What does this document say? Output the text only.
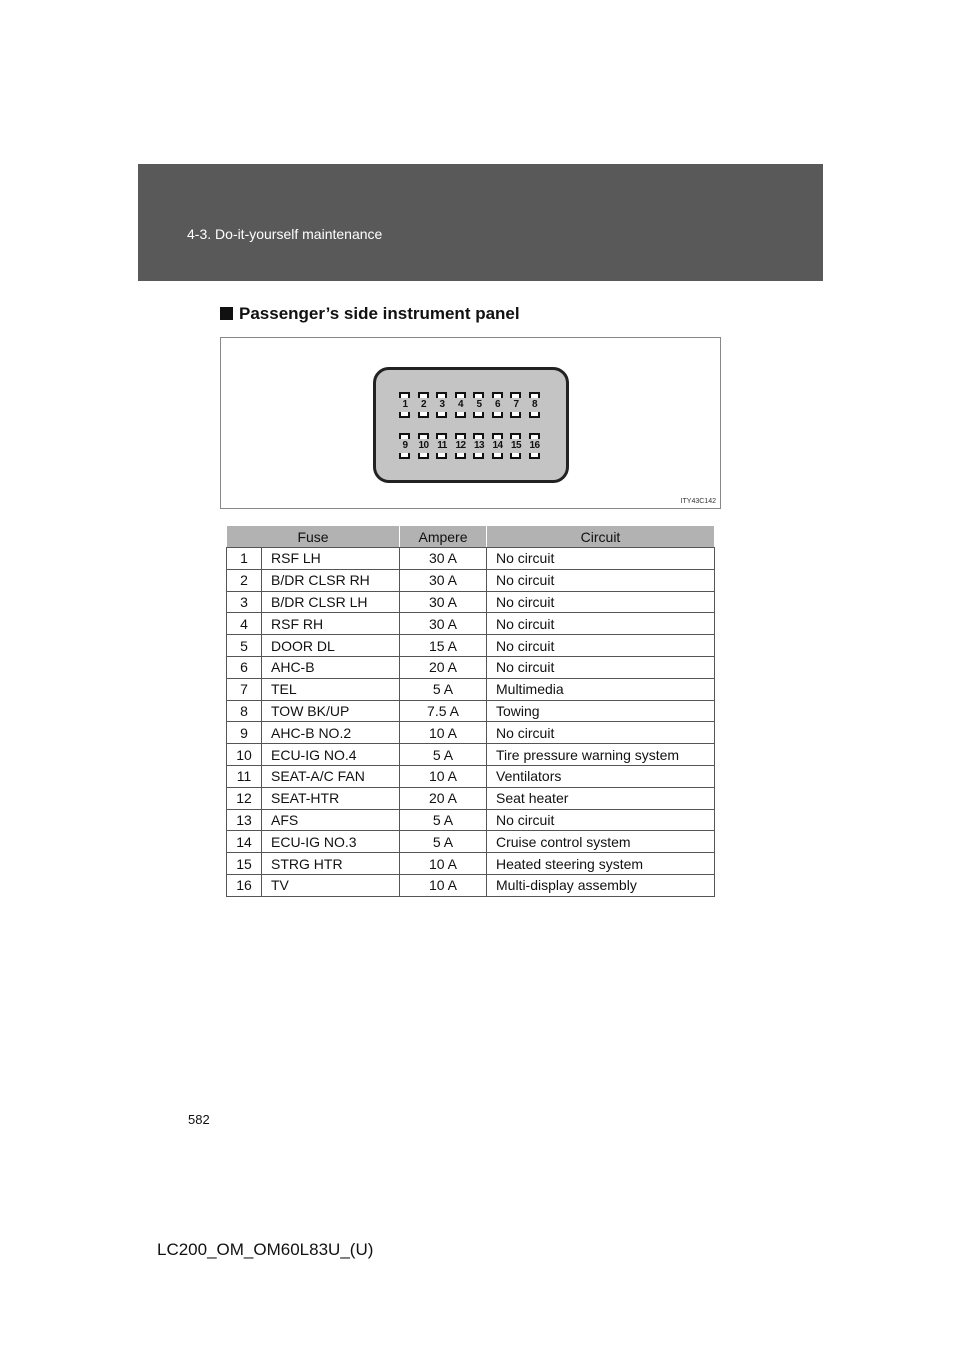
4-3. Do-it-yourself maintenance
Passenger’s side instrument panel
1	2	3	4	5	6	7	8
9	10 11 12 13 14 15 16
ITY43C142
Fuse		Ampere	Circuit
1	RSF LH	30 A	No circuit
2	B/DR CLSR RH	30 A	No circuit
3	B/DR CLSR LH	30 A	No circuit
4	RSF RH	30 A	No circuit
5	DOOR DL	15 A	No circuit
6	AHC-B	20 A	No circuit
7	TEL	5 A	Multimedia
8	TOW BK/UP	7.5 A	Towing
9	AHC-B NO.2	10 A	No circuit
10	ECU-IG NO.4	5 A	Tire pressure warning system
11	SEAT-A/C FAN	10 A	Ventilators
12	SEAT-HTR	20 A	Seat heater
13	AFS	5 A	No circuit
14	ECU-IG NO.3	5 A	Cruise control system
15	STRG HTR	10 A	Heated steering system
16	TV	10 A	Multi-display assembly
582
LC200_OM_OM60L83U_(U)
